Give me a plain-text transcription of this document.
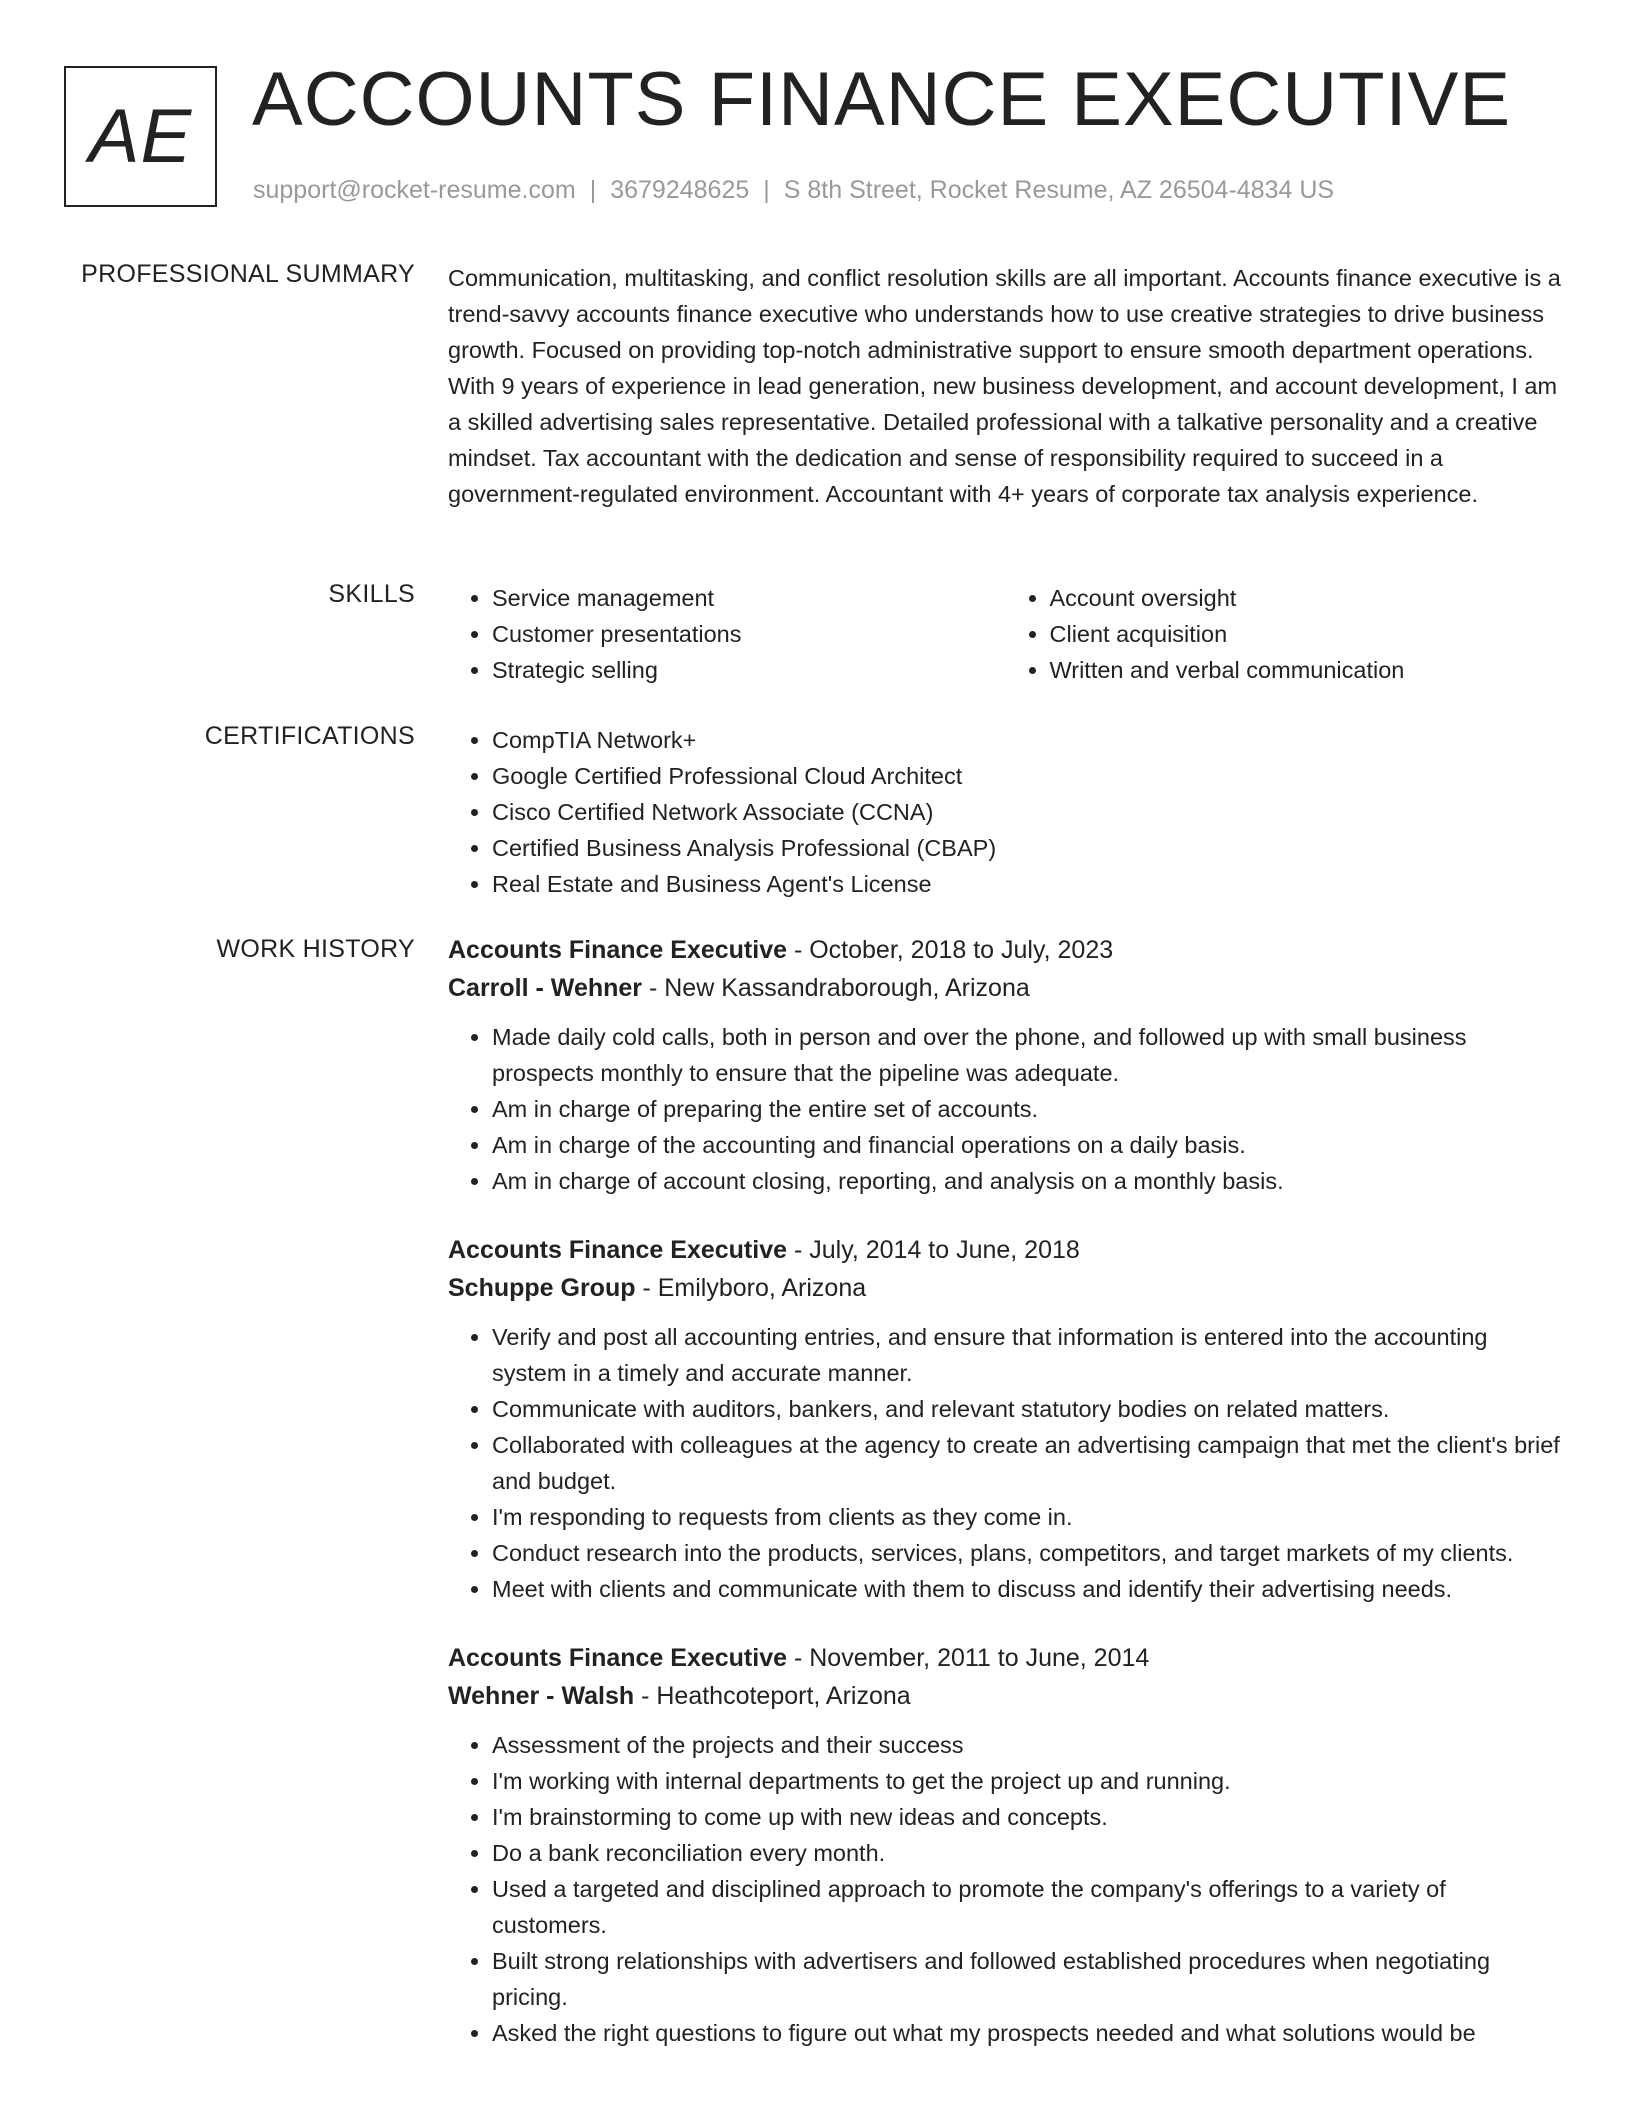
AE ACCOUNTS FINANCE EXECUTIVE
support@rocket-resume.com | 3679248625 | S 8th Street, Rocket Resume, AZ 26504-4834 US
PROFESSIONAL SUMMARY Communication, multitasking, and conflict resolution skills are all important. Accounts finance executive is a trend-savvy accounts finance executive who understands how to use creative strategies to drive business growth. Focused on providing top-notch administrative support to ensure smooth department operations. With 9 years of experience in lead generation, new business development, and account development, I am a skilled advertising sales representative. Detailed professional with a talkative personality and a creative mindset. Tax accountant with the dedication and sense of responsibility required to succeed in a government-regulated environment. Accountant with 4+ years of corporate tax analysis experience.
SKILLS	• Service management
• Customer presentations
• Strategic selling
• Account oversight
• Client acquisition
• Written and verbal communication
CERTIFICATIONS	• CompTIA Network+
• Google Certified Professional Cloud Architect
• Cisco Certified Network Associate (CCNA)
• Certified Business Analysis Professional (CBAP)
• Real Estate and Business Agent's License
WORK HISTORY Accounts Finance Executive - October, 2018 to July, 2023
Carroll - Wehner - New Kassandraborough, Arizona
• Made daily cold calls, both in person and over the phone, and followed up with small business prospects monthly to ensure that the pipeline was adequate.
• Am in charge of preparing the entire set of accounts.
• Am in charge of the accounting and financial operations on a daily basis.
• Am in charge of account closing, reporting, and analysis on a monthly basis.
Accounts Finance Executive - July, 2014 to June, 2018
Schuppe Group - Emilyboro, Arizona
• Verify and post all accounting entries, and ensure that information is entered into the accounting system in a timely and accurate manner.
• Communicate with auditors, bankers, and relevant statutory bodies on related matters.
• Collaborated with colleagues at the agency to create an advertising campaign that met the client's brief and budget.
• I'm responding to requests from clients as they come in.
• Conduct research into the products, services, plans, competitors, and target markets of my clients.
• Meet with clients and communicate with them to discuss and identify their advertising needs.
Accounts Finance Executive - November, 2011 to June, 2014
Wehner - Walsh - Heathcoteport, Arizona
• Assessment of the projects and their success
• I'm working with internal departments to get the project up and running.
• I'm brainstorming to come up with new ideas and concepts.
• Do a bank reconciliation every month.
• Used a targeted and disciplined approach to promote the company's offerings to a variety of customers.
• Built strong relationships with advertisers and followed established procedures when negotiating pricing.
• Asked the right questions to figure out what my prospects needed and what solutions would be
